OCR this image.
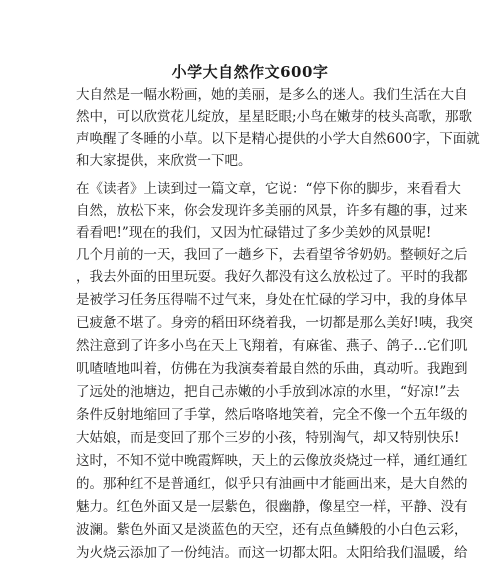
小学大自然作文600字
大自然是一幅水粉画，她的美丽，是多么的迷人。我们生活在大自
然中，可以欣赏花儿绽放，星星眨眼;小鸟在嫩芽的枝头高歌，那歌
声唤醒了冬睡的小草。以下是精心提供的小学大自然600字，下面就
和大家提供，来欣赏一下吧。
在《读者》上读到过一篇文章，它说：“停下你的脚步，来看看大
自然，放松下来，你会发现许多美丽的风景，许多有趣的事，过来
看看吧!”现在的我们，又因为忙碌错过了多少美妙的风景呢!
几个月前的一天，我回了一趟乡下，去看望爷爷奶奶。整顿好之后
，我去外面的田里玩耍。我好久都没有这么放松过了。平时的我都
是被学习任务压得喘不过气来，身处在忙碌的学习中，我的身体早
已疲惫不堪了。身旁的稻田环绕着我，一切都是那么美好!咦，我突
然注意到了许多小鸟在天上飞翔着，有麻雀、燕子、鸽子…它们叽
叽喳喳地叫着，仿佛在为我演奏着最自然的乐曲，真动听。我跑到
了远处的池塘边，把自己赤嫩的小手放到冰凉的水里，“好凉!”去
条件反射地缩回了手掌，然后咯咯地笑着，完全不像一个五年级的
大姑娘，而是变回了那个三岁的小孩，特别淘气，却又特别快乐!
这时，不知不觉中晚霞辉映，天上的云像放炎烧过一样，通红通红
的。那种红不是普通红，似乎只有油画中才能画出来，是大自然的
魅力。红色外面又是一层紫色，很幽静，像星空一样，平静、没有
波澜。紫色外面又是淡蓝色的天空，还有点鱼鳞般的小白色云彩，
为火烧云添加了一份纯洁。而这一切都太阳。太阳给我们温暖，给
